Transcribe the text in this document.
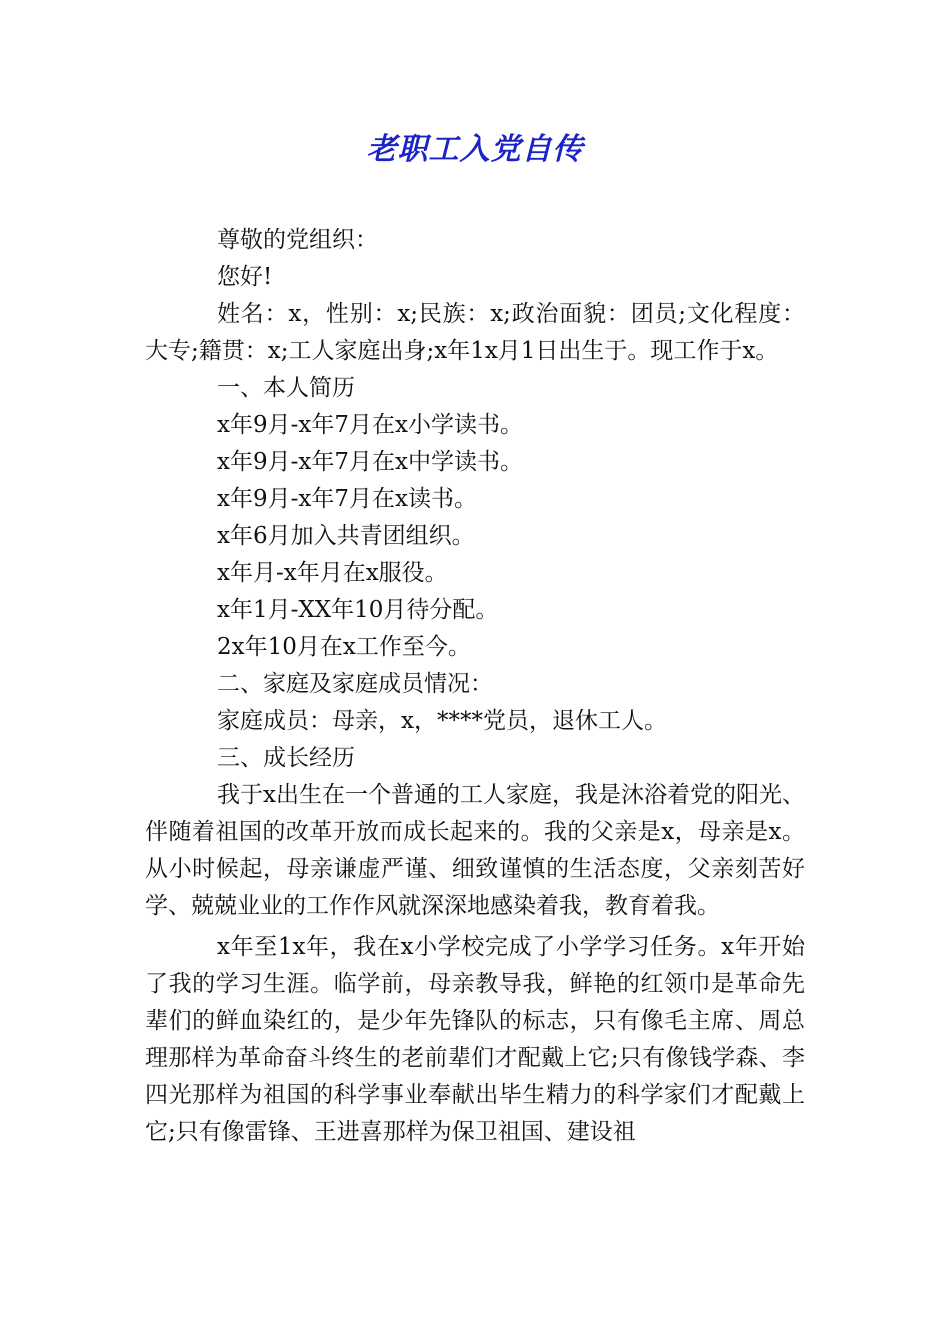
老职工入党自传

尊敬的党组织：

您好!

姓名：x，性别：x;民族：x;政治面貌：团员;文化程度：大专;籍贯：x;工人家庭出身;x年1x月1日出生于。现工作于x。

一、本人简历

x年9月-x年7月在x小学读书。

x年9月-x年7月在x中学读书。

x年9月-x年7月在x读书。

x年6月加入共青团组织。

x年月-x年月在x服役。

x年1月-XX年10月待分配。

2x年10月在x工作至今。

二、家庭及家庭成员情况：

家庭成员：母亲，x，****党员，退休工人。

三、成长经历

我于x出生在一个普通的工人家庭，我是沐浴着党的阳光、伴随着祖国的改革开放而成长起来的。我的父亲是x，母亲是x。从小时候起，母亲谦虚严谨、细致谨慎的生活态度，父亲刻苦好学、兢兢业业的工作作风就深深地感染着我，教育着我。

x年至1x年，我在x小学校完成了小学学习任务。x年开始了我的学习生涯。临学前，母亲教导我，鲜艳的红领巾是革命先辈们的鲜血染红的，是少年先锋队的标志，只有像毛主席、周总理那样为革命奋斗终生的老前辈们才配戴上它;只有像钱学森、李四光那样为祖国的科学事业奉献出毕生精力的科学家们才配戴上它;只有像雷锋、王进喜那样为保卫祖国、建设祖
